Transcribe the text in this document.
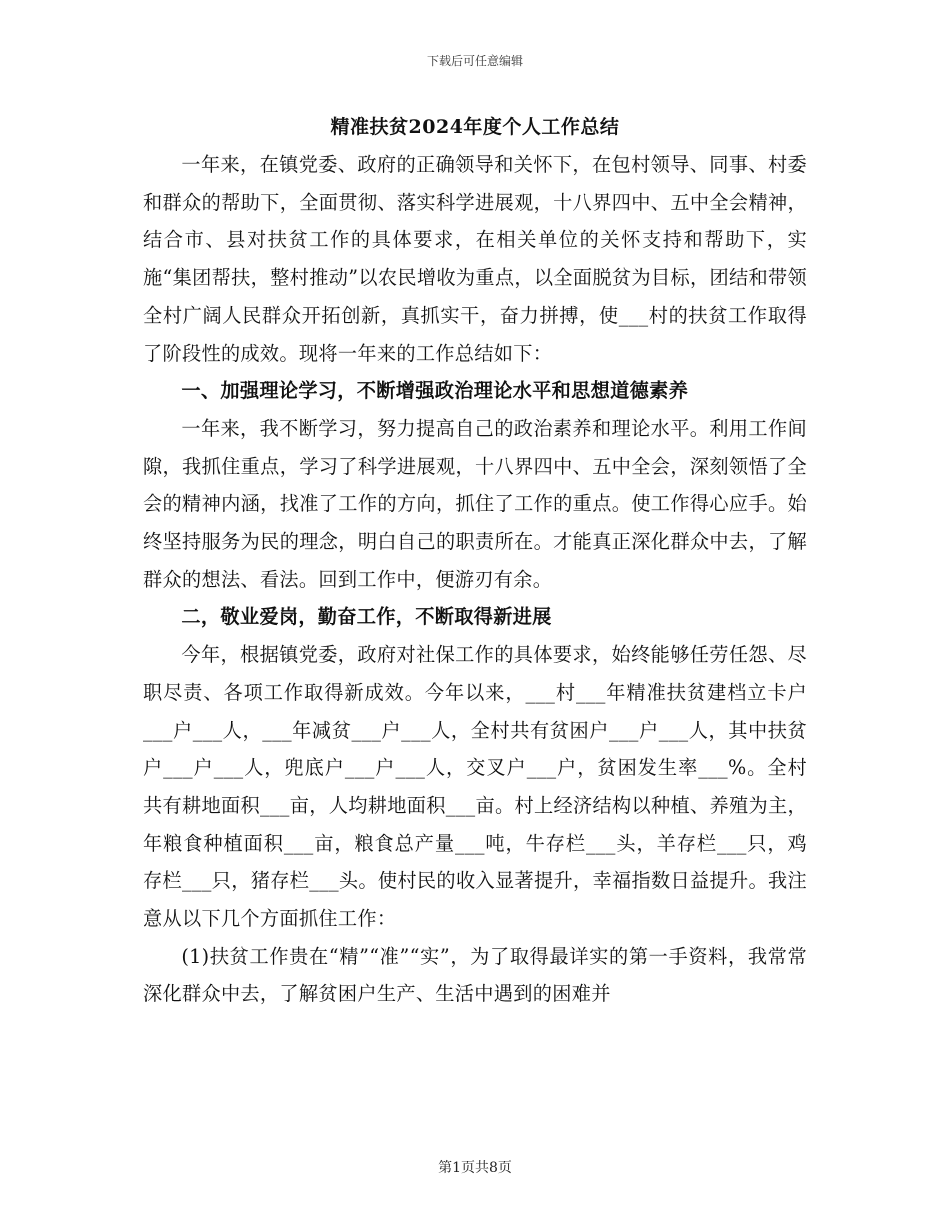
下载后可任意编辑
精准扶贫2024年度个人工作总结

一年来，在镇党委、政府的正确领导和关怀下，在包村领导、同事、村委和群众的帮助下，全面贯彻、落实科学进展观，十八界四中、五中全会精神，结合市、县对扶贫工作的具体要求，在相关单位的关怀支持和帮助下，实施“集团帮扶，整村推动”以农民增收为重点，以全面脱贫为目标，团结和带领全村广阔人民群众开拓创新，真抓实干，奋力拼搏，使___村的扶贫工作取得了阶段性的成效。现将一年来的工作总结如下：

一、加强理论学习，不断增强政治理论水平和思想道德素养

一年来，我不断学习，努力提高自己的政治素养和理论水平。利用工作间隙，我抓住重点，学习了科学进展观，十八界四中、五中全会，深刻领悟了全会的精神内涵，找准了工作的方向，抓住了工作的重点。使工作得心应手。始终坚持服务为民的理念，明白自己的职责所在。才能真正深化群众中去，了解群众的想法、看法。回到工作中，便游刃有余。

二，敬业爱岗，勤奋工作，不断取得新进展

今年，根据镇党委，政府对社保工作的具体要求，始终能够任劳任怨、尽职尽责、各项工作取得新成效。今年以来，___村___年精准扶贫建档立卡户___户___人，___年减贫___户___人，全村共有贫困户___户___人，其中扶贫户___户___人，兜底户___户___人，交叉户___户，贫困发生率___%。全村共有耕地面积___亩，人均耕地面积___亩。村上经济结构以种植、养殖为主，年粮食种植面积___亩，粮食总产量___吨，牛存栏___头，羊存栏___只，鸡存栏___只，猪存栏___头。使村民的收入显著提升，幸福指数日益提升。我注意从以下几个方面抓住工作：

(1)扶贫工作贵在“精”“准”“实”，为了取得最详实的第一手资料，我常常深化群众中去，了解贫困户生产、生活中遇到的困难并

第1页共8页
